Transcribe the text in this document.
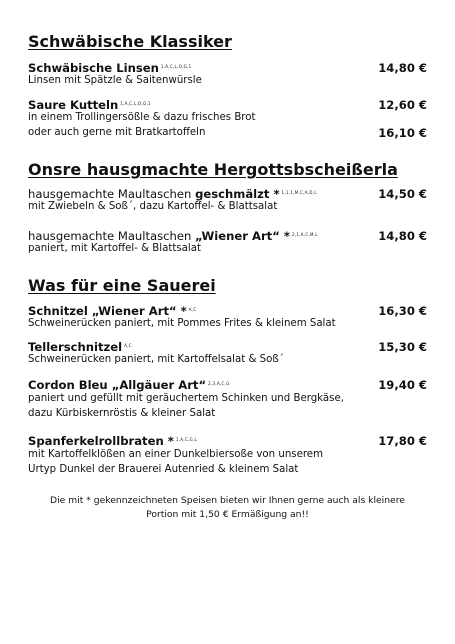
Schwäbische Klassiker
Schwäbische Linsen $^{1.A,C,L,O,G,1}$	14,80 €
Linsen mit Spätzle & Saitenwürsle
Saure Kutteln $^{1,A,C,L,O,G,1}$	12,60 €
in einem Trollingersößle & dazu frisches Brot
oder auch gerne mit Bratkartoffeln	16,10 €
Onsre hausgmachte Hergottsbscheißerla
hausgemachte Maultaschen geschmälzt * $^{1,1,1,M,C,A,D,L}$	14,50 €
mit Zwiebeln & Soß´, dazu Kartoffel- & Blattsalat
hausgemachte Maultaschen „Wiener Art“ * $^{2,1,A,C,M,L}$	14,80 €
paniert, mit Kartoffel- & Blattsalat
Was für eine Sauerei
Schnitzel „Wiener Art“ * $^{A,C}$	16,30 €
Schweinerücken paniert, mit Pommes Frites & kleinem Salat
Tellerschnitzel $^{A,C}$	15,30 €
Schweinerücken paniert, mit Kartoffelsalat & Soß´
Cordon Bleu „Allgäuer Art“ $^{2,3,A,C,G}$	19,40 €
paniert und gefüllt mit geräuchertem Schinken und Bergkäse,
dazu Kürbiskernröstis & kleiner Salat
Spanferkelrollbraten * $^{1,A,C,G,L}$	17,80 €
mit Kartoffelklößen an einer Dunkelbiersoße von unserem
Urtyp Dunkel der Brauerei Autenried & kleinem Salat
Die mit * gekennzeichneten Speisen bieten wir Ihnen gerne auch als kleinere
Portion mit 1,50 € Ermäßigung an!!
